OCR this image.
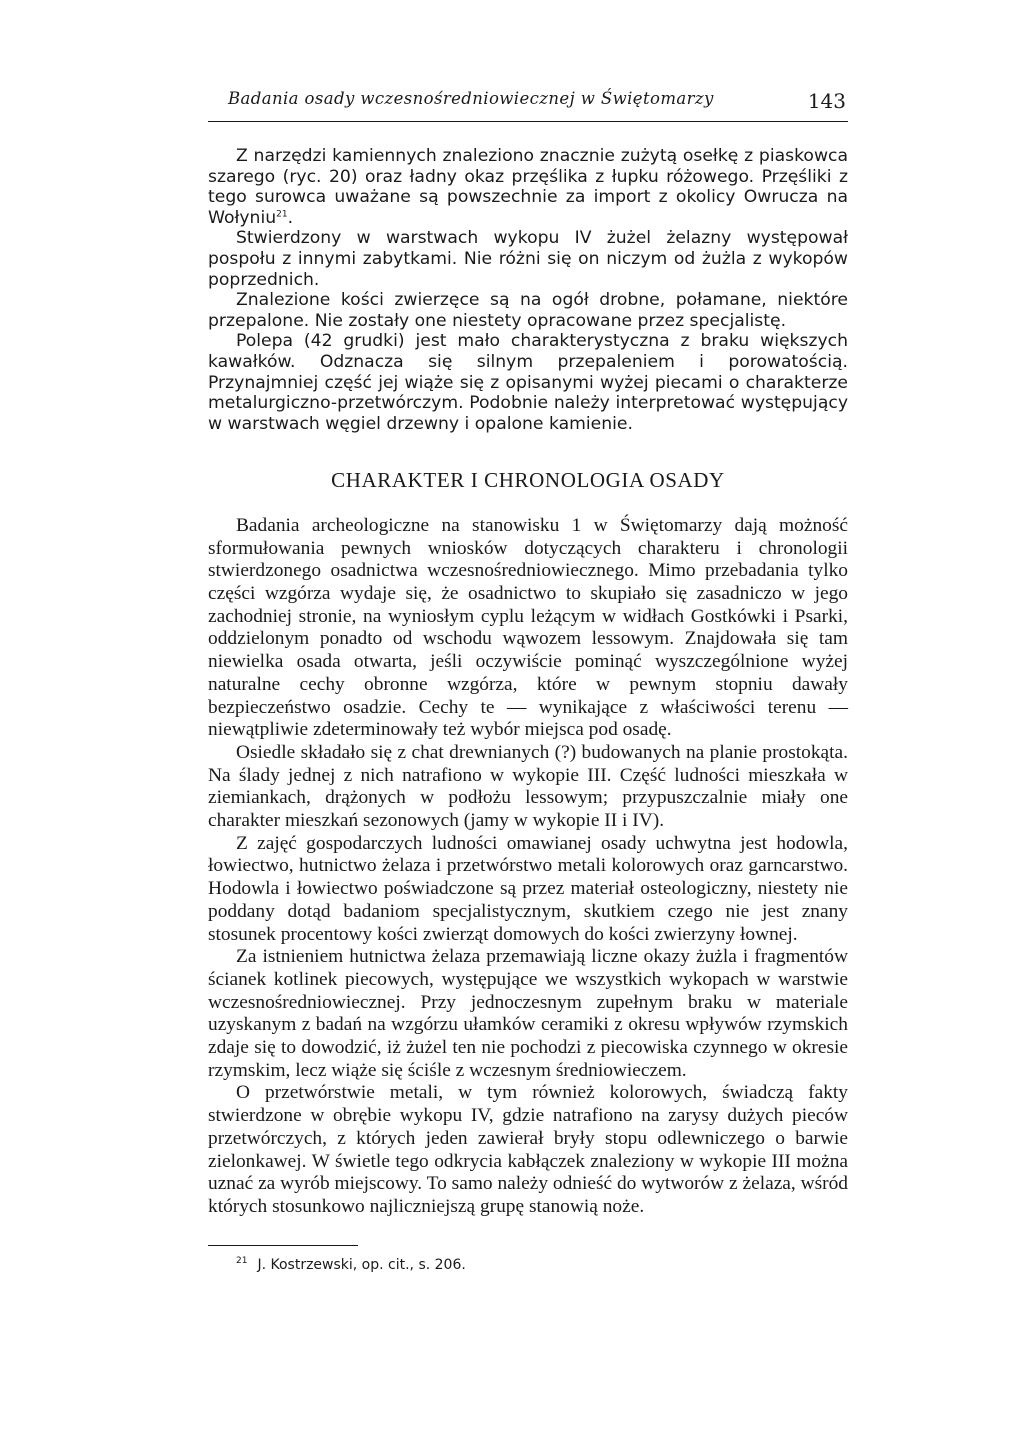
Badania osady wczesnośredniowiecznej w Świętomarzy	143

Z narzędzi kamiennych znaleziono znacznie zużytą osełkę z piaskowca szarego (ryc. 20) oraz ładny okaz przęślika z łupku różowego. Przęśliki z tego surowca uważane są powszechnie za import z okolicy Owrucza na Wołyniu$^{21}$.

Stwierdzony w warstwach wykopu IV żużel żelazny występował pospołu z innymi zabytkami. Nie różni się on niczym od żużla z wykopów poprzednich.

Znalezione kości zwierzęce są na ogół drobne, połamane, niektóre przepalone. Nie zostały one niestety opracowane przez specjalistę.

Polepa (42 grudki) jest mało charakterystyczna z braku większych kawałków. Odznacza się silnym przepaleniem i porowatością. Przynajmniej część jej wiąże się z opisanymi wyżej piecami o charakterze metalurgiczno-przetwórczym. Podobnie należy interpretować występujący w warstwach węgiel drzewny i opalone kamienie.

CHARAKTER I CHRONOLOGIA OSADY

Badania archeologiczne na stanowisku 1 w Świętomarzy dają możność sformułowania pewnych wniosków dotyczących charakteru i chronologii stwierdzonego osadnictwa wczesnośredniowiecznego. Mimo przebadania tylko części wzgórza wydaje się, że osadnictwo to skupiało się zasadniczo w jego zachodniej stronie, na wyniosłym cyplu leżącym w widłach Gostkówki i Psarki, oddzielonym ponadto od wschodu wąwozem lessowym. Znajdowała się tam niewielka osada otwarta, jeśli oczywiście pominąć wyszczególnione wyżej naturalne cechy obronne wzgórza, które w pewnym stopniu dawały bezpieczeństwo osadzie. Cechy te — wynikające z właściwości terenu — niewątpliwie zdeterminowały też wybór miejsca pod osadę.

Osiedle składało się z chat drewnianych (?) budowanych na planie prostokąta. Na ślady jednej z nich natrafiono w wykopie III. Część ludności mieszkała w ziemiankach, drążonych w podłożu lessowym; przypuszczalnie miały one charakter mieszkań sezonowych (jamy w wykopie II i IV).

Z zajęć gospodarczych ludności omawianej osady uchwytna jest hodowla, łowiectwo, hutnictwo żelaza i przetwórstwo metali kolorowych oraz garncarstwo. Hodowla i łowiectwo poświadczone są przez materiał osteologiczny, niestety nie poddany dotąd badaniom specjalistycznym, skutkiem czego nie jest znany stosunek procentowy kości zwierząt domowych do kości zwierzyny łownej.

Za istnieniem hutnictwa żelaza przemawiają liczne okazy żużla i fragmentów ścianek kotlinek piecowych, występujące we wszystkich wykopach w warstwie wczesnośredniowiecznej. Przy jednoczesnym zupełnym braku w materiale uzyskanym z badań na wzgórzu ułamków ceramiki z okresu wpływów rzymskich zdaje się to dowodzić, iż żużel ten nie pochodzi z piecowiska czynnego w okresie rzymskim, lecz wiąże się ściśle z wczesnym średniowieczem.

O przetwórstwie metali, w tym również kolorowych, świadczą fakty stwierdzone w obrębie wykopu IV, gdzie natrafiono na zarysy dużych pieców przetwórczych, z których jeden zawierał bryły stopu odlewniczego o barwie zielonkawej. W świetle tego odkrycia kabłączek znaleziony w wykopie III można uznać za wyrób miejscowy. To samo należy odnieść do wytworów z żelaza, wśród których stosunkowo najliczniejszą grupę stanowią noże.

$^{21}$ J. Kostrzewski, op. cit., s. 206.
